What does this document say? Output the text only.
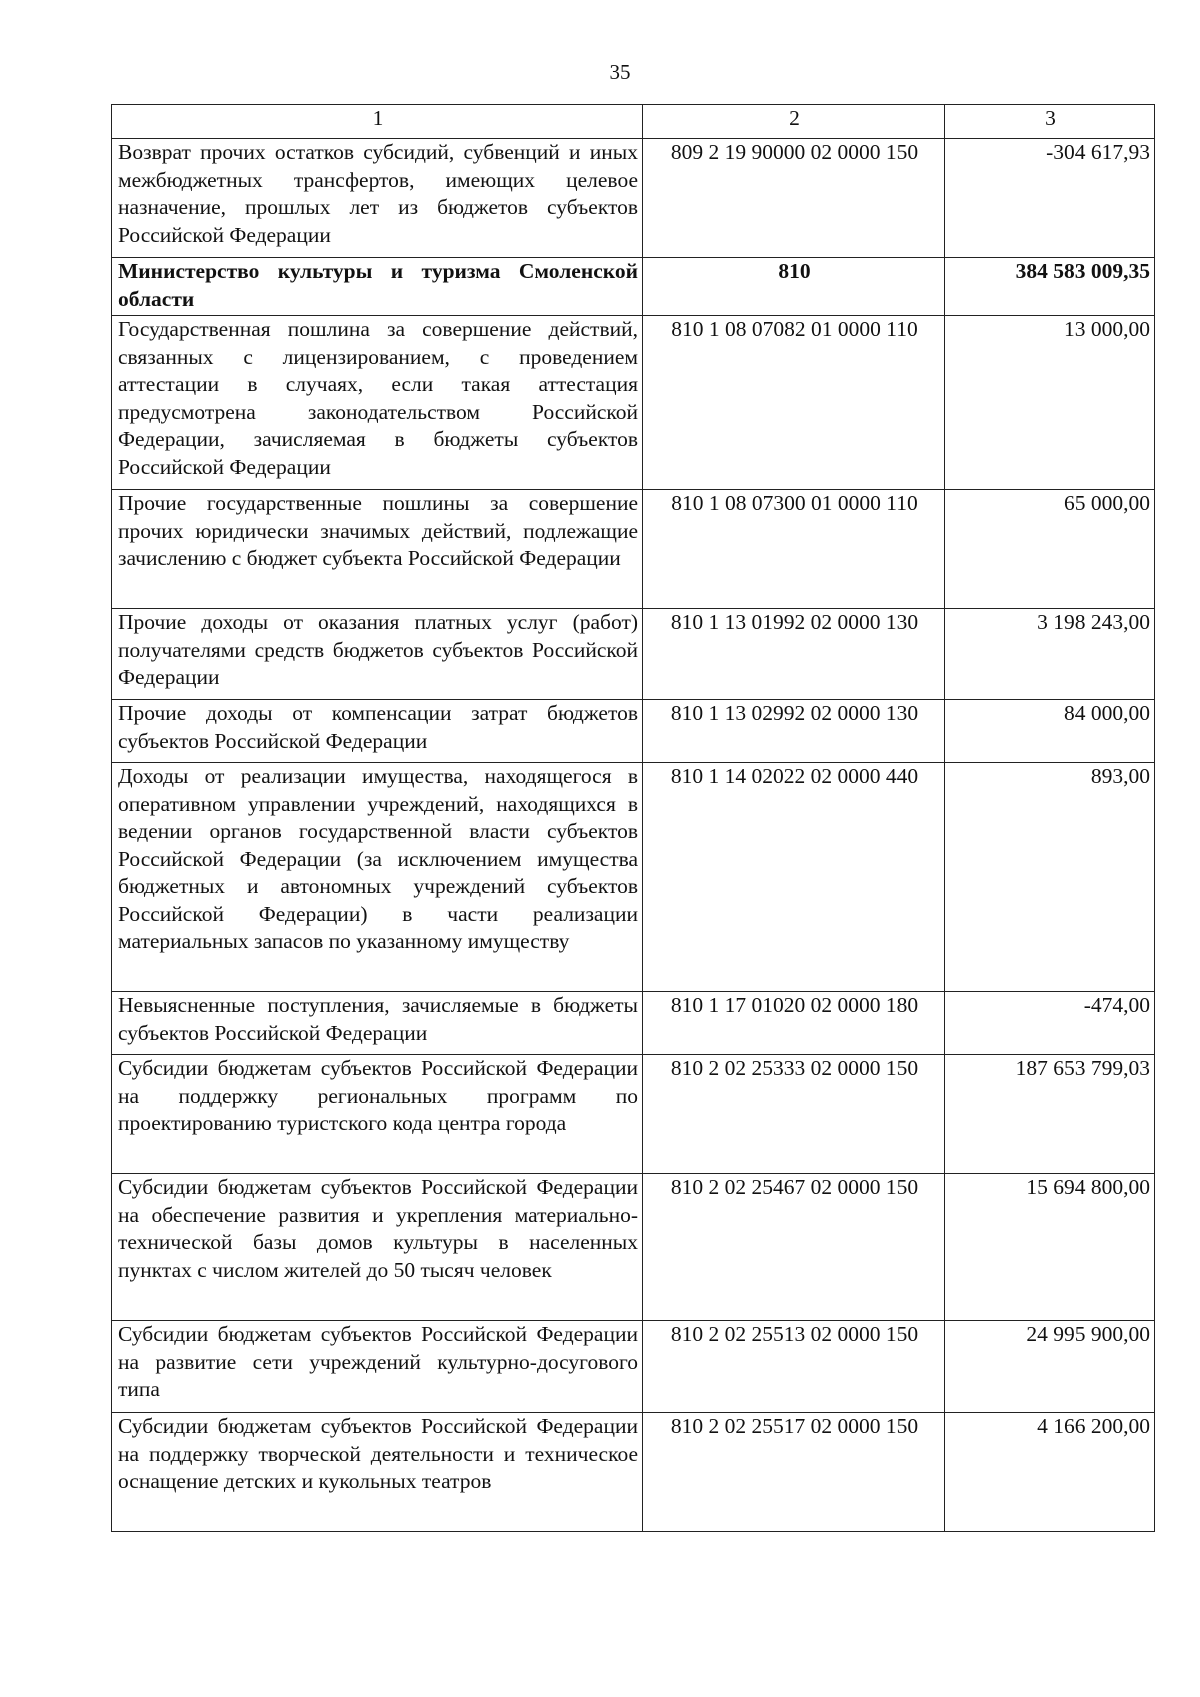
35
1	2	3
Возврат прочих остатков субсидий, субвенций и иных межбюджетных трансфертов, имеющих целевое назначение, прошлых лет из бюджетов субъектов Российской Федерации	809 2 19 90000 02 0000 150	-304 617,93
Министерство культуры и туризма Смоленской области	810	384 583 009,35
Государственная пошлина за совершение действий, связанных с лицензированием, с проведением аттестации в случаях, если такая аттестация предусмотрена законодательством Российской Федерации, зачисляемая в бюджеты субъектов Российской Федерации	810 1 08 07082 01 0000 110	13 000,00
Прочие государственные пошлины за совершение прочих юридически значимых действий, подлежащие зачислению с бюджет субъекта Российской Федерации	810 1 08 07300 01 0000 110	65 000,00
Прочие доходы от оказания платных услуг (работ) получателями средств бюджетов субъектов Российской Федерации	810 1 13 01992 02 0000 130	3 198 243,00
Прочие доходы от компенсации затрат бюджетов субъектов Российской Федерации	810 1 13 02992 02 0000 130	84 000,00
Доходы от реализации имущества, находящегося в оперативном управлении учреждений, находящихся в ведении органов государственной власти субъектов Российской Федерации (за исключением имущества бюджетных и автономных учреждений субъектов Российской Федерации) в части реализации материальных запасов по указанному имуществу	810 1 14 02022 02 0000 440	893,00
Невыясненные поступления, зачисляемые в бюджеты субъектов Российской Федерации	810 1 17 01020 02 0000 180	-474,00
Субсидии бюджетам субъектов Российской Федерации на поддержку региональных программ по проектированию туристского кода центра города	810 2 02 25333 02 0000 150	187 653 799,03
Субсидии бюджетам субъектов Российской Федерации на обеспечение развития и укрепления материально-технической базы домов культуры в населенных пунктах с числом жителей до 50 тысяч человек	810 2 02 25467 02 0000 150	15 694 800,00
Субсидии бюджетам субъектов Российской Федерации на развитие сети учреждений культурно-досугового типа	810 2 02 25513 02 0000 150	24 995 900,00
Субсидии бюджетам субъектов Российской Федерации на поддержку творческой деятельности и техническое оснащение детских и кукольных театров	810 2 02 25517 02 0000 150	4 166 200,00
